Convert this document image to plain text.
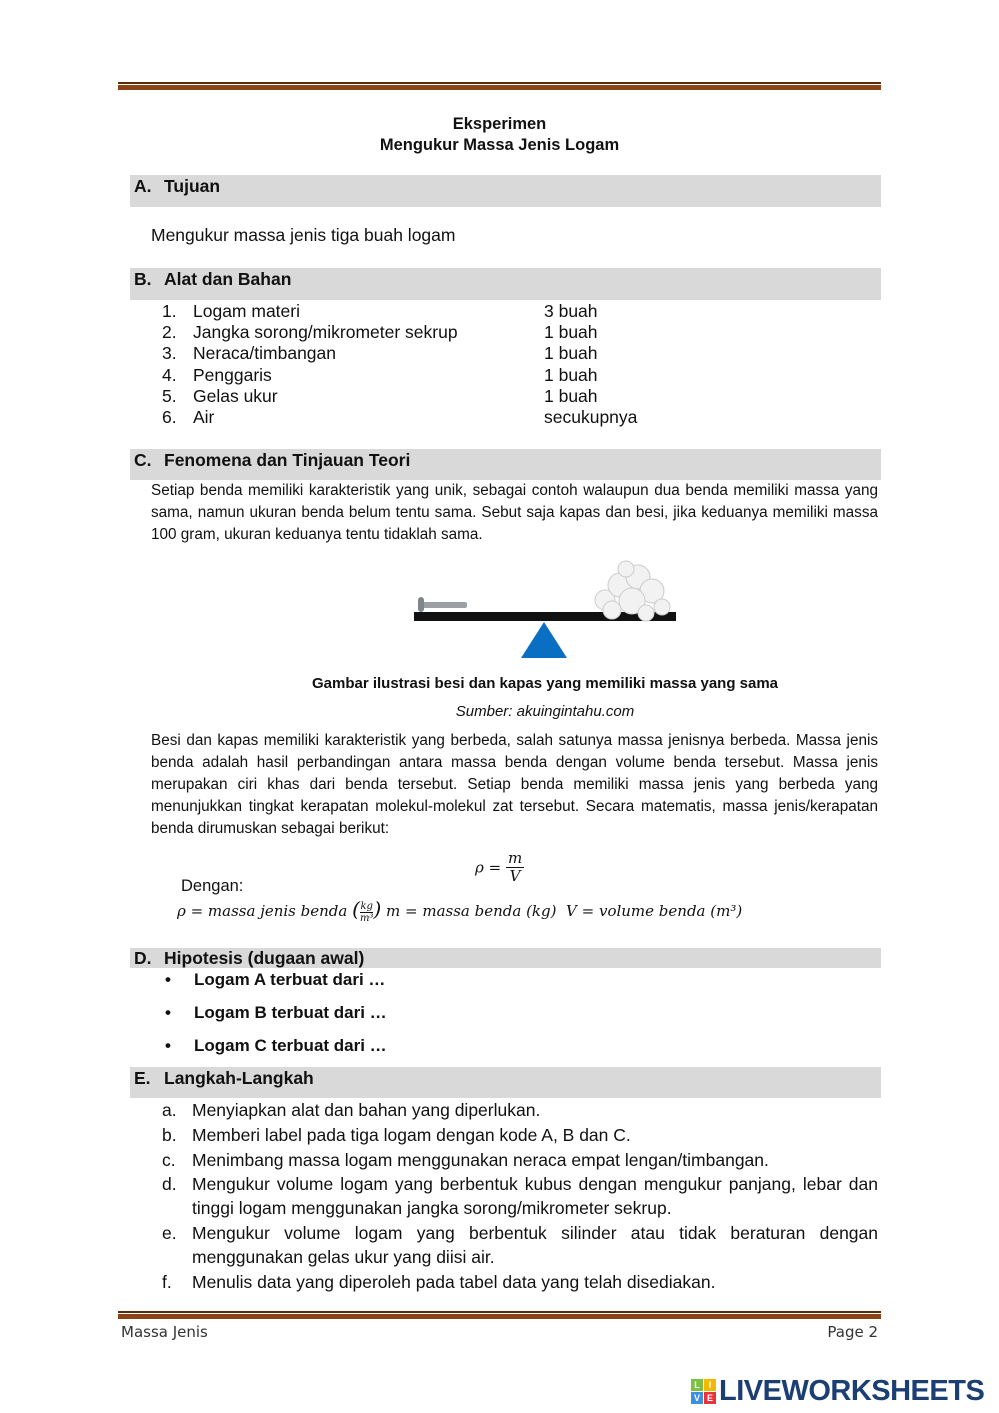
Eksperimen
Mengukur Massa Jenis Logam
A. Tujuan
Mengukur massa jenis tiga buah logam
B. Alat dan Bahan
1. Logam materi	3 buah
2. Jangka sorong/mikrometer sekrup	1 buah
3. Neraca/timbangan	1 buah
4. Penggaris	1 buah
5. Gelas ukur	1 buah
6. Air	secukupnya
C. Fenomena dan Tinjauan Teori
Setiap benda memiliki karakteristik yang unik, sebagai contoh walaupun dua benda memiliki massa yang sama, namun ukuran benda belum tentu sama. Sebut saja kapas dan besi, jika keduanya memiliki massa 100 gram, ukuran keduanya tentu tidaklah sama.
Gambar ilustrasi besi dan kapas yang memiliki massa yang sama
Sumber: akuingintahu.com
Besi dan kapas memiliki karakteristik yang berbeda, salah satunya massa jenisnya berbeda. Massa jenis benda adalah hasil perbandingan antara massa benda dengan volume benda tersebut. Massa jenis merupakan ciri khas dari benda tersebut. Setiap benda memiliki massa jenis yang berbeda yang menunjukkan tingkat kerapatan molekul-molekul zat tersebut. Secara matematis, massa jenis/kerapatan benda dirumuskan sebagai berikut:
$\rho = \frac{m}{V}$
Dengan:
ρ = massa jenis benda ( $\frac{kg}{\text{m³}}$ ) m = massa benda (kg) V = volume benda (m³)
D. Hipotesis (dugaan awal)
• Logam A terbuat dari …
• Logam B terbuat dari …
• Logam C terbuat dari …
E. Langkah-Langkah
a. Menyiapkan alat dan bahan yang diperlukan.
b. Memberi label pada tiga logam dengan kode A, B dan C.
c. Menimbang massa logam menggunakan neraca empat lengan/timbangan.
d. Mengukur volume logam yang berbentuk kubus dengan mengukur panjang, lebar dan tinggi logam menggunakan jangka sorong/mikrometer sekrup.
e. Mengukur volume logam yang berbentuk silinder atau tidak beraturan dengan menggunakan gelas ukur yang diisi air.
f. Menulis data yang diperoleh pada tabel data yang telah disediakan.
Massa Jenis	Page 2
L I
V E LIVEWORKSHEETS
